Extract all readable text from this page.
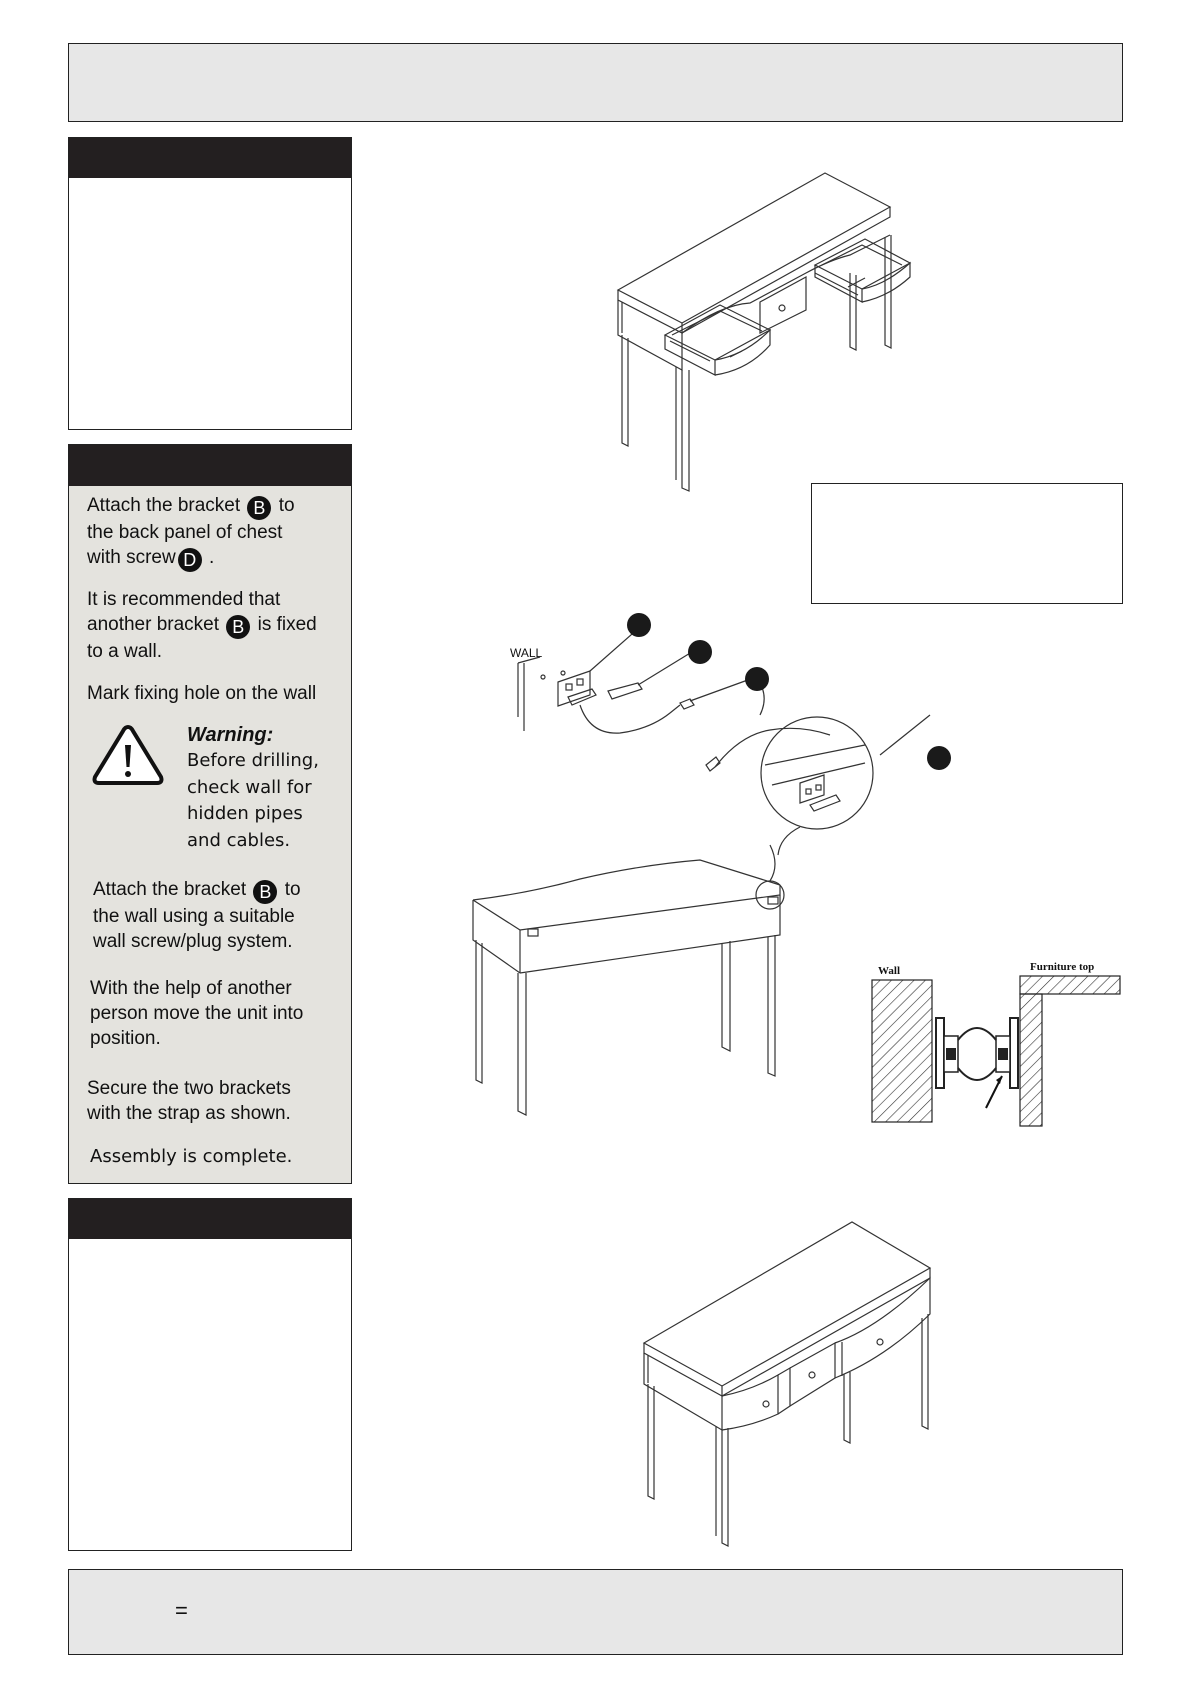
Attach the bracket B to
the back panel of chest
with screw D .
It is recommended that
another bracket B is fixed
to a wall.
Mark fixing hole on the wall
Warning:
Before drilling,
check wall for
hidden pipes
and cables.
Attach the bracket B to
the wall using a suitable
wall screw/plug system.
With the help of another
person move the unit into
position.
Secure the two brackets
with the strap as shown.
Assembly is complete.
WALL
Wall	Furniture top
=
